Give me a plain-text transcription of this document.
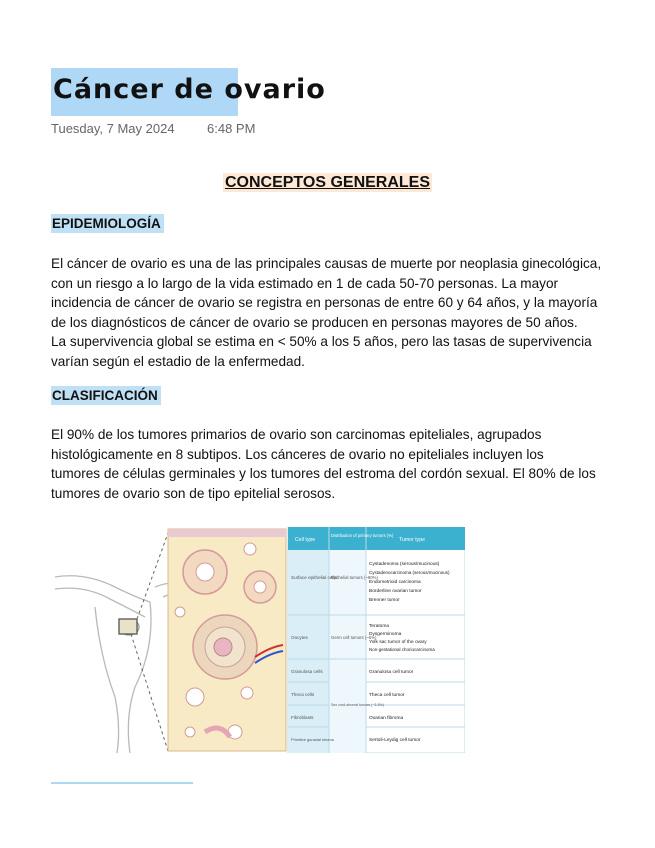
Cáncer de ovario
Tuesday, 7 May 2024 6:48 PM
CONCEPTOS GENERALES
EPIDEMIOLOGÍA
El cáncer de ovario es una de las principales causas de muerte por neoplasia ginecológica,
con un riesgo a lo largo de la vida estimado en 1 de cada 50-70 personas. La mayor
incidencia de cáncer de ovario se registra en personas de entre 60 y 64 años, y la mayoría
de los diagnósticos de cáncer de ovario se producen en personas mayores de 50 años.
La supervivencia global se estima en < 50% a los 5 años, pero las tasas de supervivencia
varían según el estadio de la enfermedad.
CLASIFICACIÓN
El 90% de los tumores primarios de ovario son carcinomas epiteliales, agrupados
histológicamente en 8 subtipos. Los cánceres de ovario no epiteliales incluyen los
tumores de células germinales y los tumores del estroma del cordón sexual. El 80% de los
tumores de ovario son de tipo epitelial serosos.
Cell type
Distribution of primary tumors (%)
Tumor type
Surface epithelial cells
Oocytes
Granulosa cells
Theca cells
Fibroblasts
Primitive gonadal stroma
Epithelial tumors (~90%)
Germ cell tumors (~5%)
Sex cord-stromal tumors (~3-5%)
Cystadenoma (serous/mucinous)
Cystadenocarcinoma (serous/mucinous)
Endometrioid carcinoma
Borderline ovarian tumor
Brenner tumor
Teratoma
Dysgerminoma
Yolk sac tumor of the ovary
Non-gestational choriocarcinoma
Granulosa cell tumor
Theca cell tumor
Ovarian fibroma
Sertoli-Leydig cell tumor
